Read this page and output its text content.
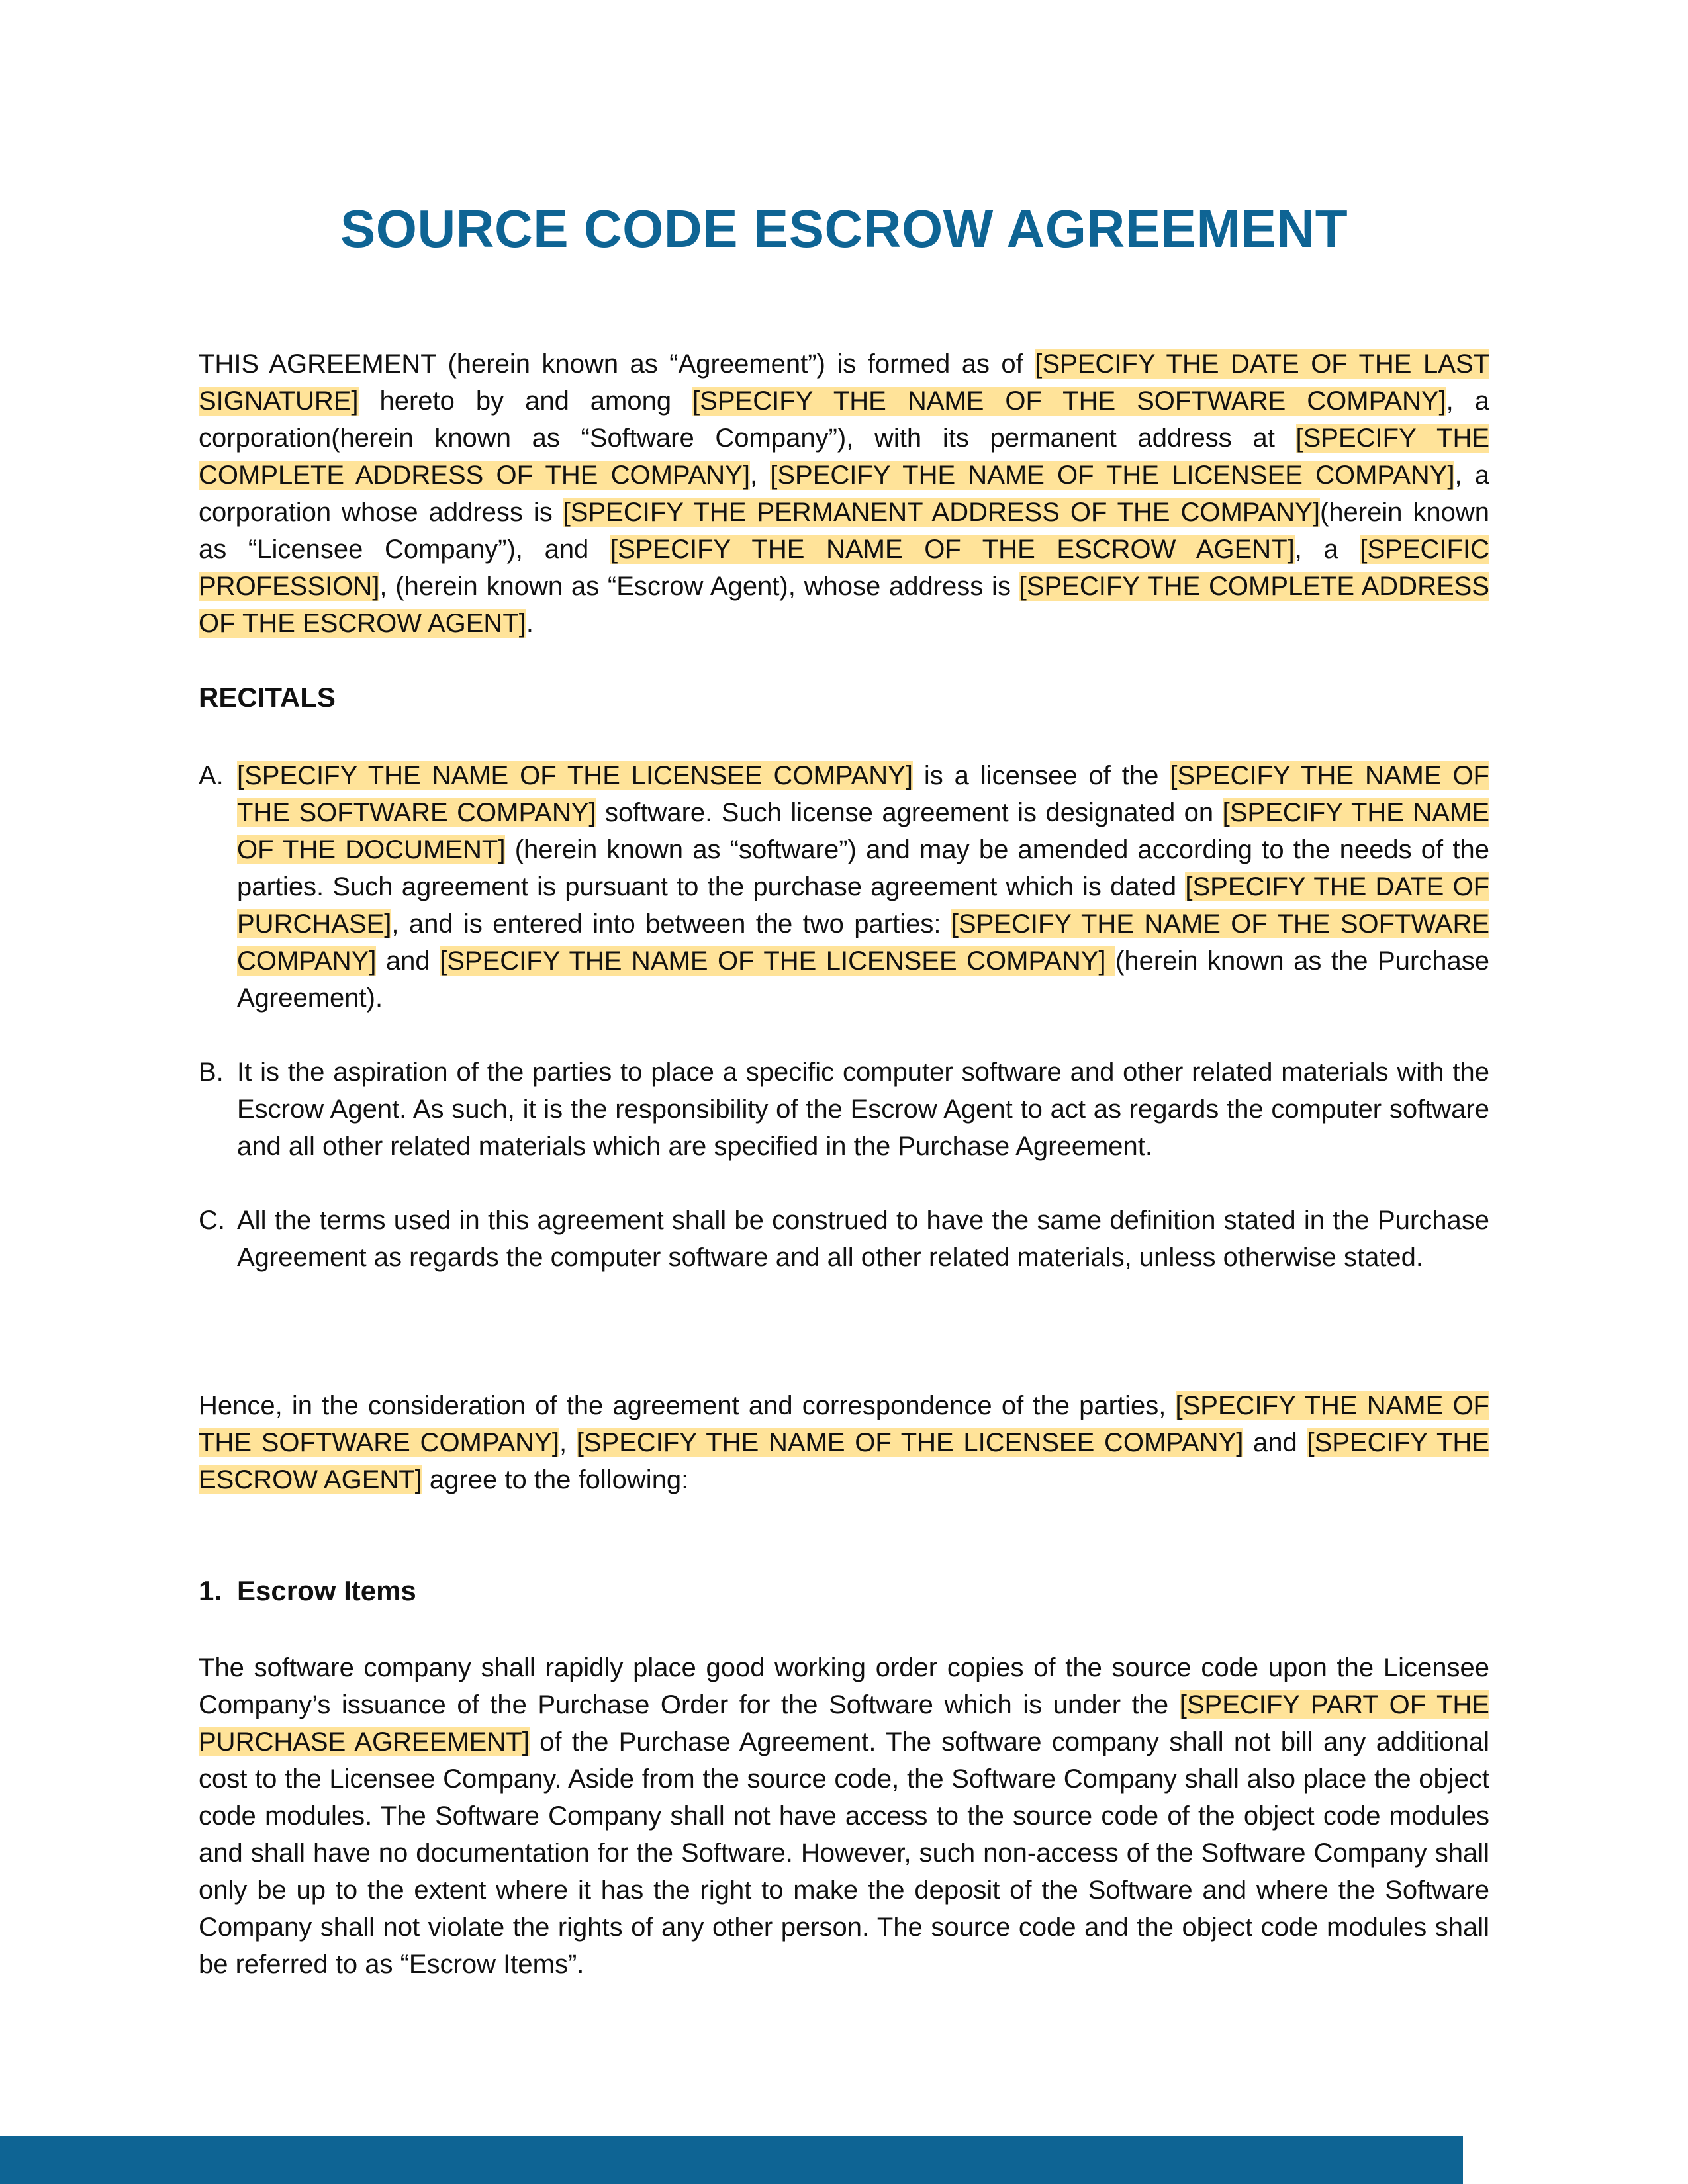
SOURCE CODE ESCROW AGREEMENT

THIS AGREEMENT (herein known as “Agreement”) is formed as of [SPECIFY THE DATE OF THE LAST SIGNATURE] hereto by and among [SPECIFY THE NAME OF THE SOFTWARE COMPANY], a corporation(herein known as “Software Company”), with its permanent address at [SPECIFY THE COMPLETE ADDRESS OF THE COMPANY], [SPECIFY THE NAME OF THE LICENSEE COMPANY], a corporation whose address is [SPECIFY THE PERMANENT ADDRESS OF THE COMPANY](herein known as “Licensee Company”), and [SPECIFY THE NAME OF THE ESCROW AGENT], a [SPECIFIC PROFESSION], (herein known as “Escrow Agent), whose address is [SPECIFY THE COMPLETE ADDRESS OF THE ESCROW AGENT].

RECITALS
A. [SPECIFY THE NAME OF THE LICENSEE COMPANY] is a licensee of the [SPECIFY THE NAME OF THE SOFTWARE COMPANY] software. Such license agreement is designated on [SPECIFY THE NAME OF THE DOCUMENT] (herein known as “software”) and may be amended according to the needs of the parties. Such agreement is pursuant to the purchase agreement which is dated [SPECIFY THE DATE OF PURCHASE], and is entered into between the two parties: [SPECIFY THE NAME OF THE SOFTWARE COMPANY] and [SPECIFY THE NAME OF THE LICENSEE COMPANY] (herein known as the Purchase Agreement).

B. It is the aspiration of the parties to place a specific computer software and other related materials with the Escrow Agent. As such, it is the responsibility of the Escrow Agent to act as regards the computer software and all other related materials which are specified in the Purchase Agreement.

C. All the terms used in this agreement shall be construed to have the same definition stated in the Purchase Agreement as regards the computer software and all other related materials, unless otherwise stated.

Hence, in the consideration of the agreement and correspondence of the parties, [SPECIFY THE NAME OF THE SOFTWARE COMPANY], [SPECIFY THE NAME OF THE LICENSEE COMPANY] and [SPECIFY THE ESCROW AGENT] agree to the following:

1. Escrow Items

The software company shall rapidly place good working order copies of the source code upon the Licensee Company’s issuance of the Purchase Order for the Software which is under the [SPECIFY PART OF THE PURCHASE AGREEMENT] of the Purchase Agreement. The software company shall not bill any additional cost to the Licensee Company. Aside from the source code, the Software Company shall also place the object code modules. The Software Company shall not have access to the source code of the object code modules and shall have no documentation for the Software. However, such non-access of the Software Company shall only be up to the extent where it has the right to make the deposit of the Software and where the Software Company shall not violate the rights of any other person. The source code and the object code modules shall be referred to as “Escrow Items”.
